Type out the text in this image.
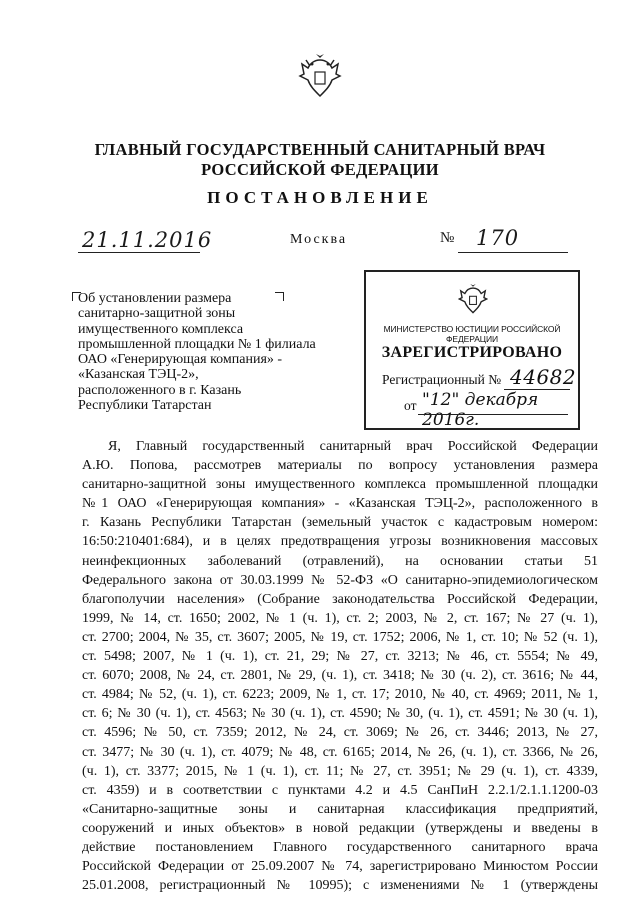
ГЛАВНЫЙ ГОСУДАРСТВЕННЫЙ САНИТАРНЫЙ ВРАЧ
РОССИЙСКОЙ ФЕДЕРАЦИИ
ПОСТАНОВЛЕНИЕ
21.11.2016	Москва	№ 170
Об установлении размера
санитарно-защитной зоны
имущественного комплекса
промышленной площадки № 1 филиала
ОАО «Генерирующая компания» -
«Казанская ТЭЦ-2»,
расположенного в г. Казань
Республики Татарстан
МИНИСТЕРСТВО ЮСТИЦИИ РОССИЙСКОЙ ФЕДЕРАЦИИ
ЗАРЕГИСТРИРОВАНО
Регистрационный № 44682
от "12" декабря 2016г.
Я, Главный государственный санитарный врач Российской Федерации
А.Ю. Попова, рассмотрев материалы по вопросу установления размера
санитарно-защитной зоны имущественного комплекса промышленной площадки
№1 ОАО «Генерирующая компания» - «Казанская ТЭЦ-2», расположенного в
г. Казань Республики Татарстан (земельный участок с кадастровым номером:
16:50:210401:684), и в целях предотвращения угрозы возникновения массовых
неинфекционных заболеваний (отравлений), на основании статьи 51
Федерального закона от 30.03.1999 № 52-ФЗ «О санитарно-эпидемиологическом
благополучии населения» (Собрание законодательства Российской Федерации,
1999, № 14, ст. 1650; 2002, № 1 (ч. 1), ст. 2; 2003, № 2, ст. 167; № 27 (ч. 1),
ст. 2700; 2004, № 35, ст. 3607; 2005, № 19, ст. 1752; 2006, № 1, ст. 10; № 52 (ч. 1),
ст. 5498; 2007, № 1 (ч. 1), ст. 21, 29; № 27, ст. 3213; № 46, ст. 5554; № 49,
ст. 6070; 2008, № 24, ст. 2801, № 29, (ч. 1), ст. 3418; № 30 (ч. 2), ст. 3616; № 44,
ст. 4984; № 52, (ч. 1), ст. 6223; 2009, № 1, ст. 17; 2010, № 40, ст. 4969; 2011, № 1,
ст. 6; № 30 (ч. 1), ст. 4563; № 30 (ч. 1), ст. 4590; № 30, (ч. 1), ст. 4591; № 30 (ч. 1),
ст. 4596; № 50, ст. 7359; 2012, № 24, ст. 3069; № 26, ст. 3446; 2013, № 27,
ст. 3477; № 30 (ч. 1), ст. 4079; № 48, ст. 6165; 2014, № 26, (ч. 1), ст. 3366, № 26,
(ч. 1), ст. 3377; 2015, № 1 (ч. 1), ст. 11; № 27, ст. 3951; № 29 (ч. 1), ст. 4339,
ст. 4359) и в соответствии с пунктами 4.2 и 4.5 СанПиН 2.2.1/2.1.1.1200-03
«Санитарно-защитные зоны и санитарная классификация предприятий,
сооружений и иных объектов» в новой редакции (утверждены и введены в
действие постановлением Главного государственного санитарного врача
Российской Федерации от 25.09.2007 № 74, зарегистрировано Минюстом России
25.01.2008, регистрационный № 10995); с изменениями № 1 (утверждены
